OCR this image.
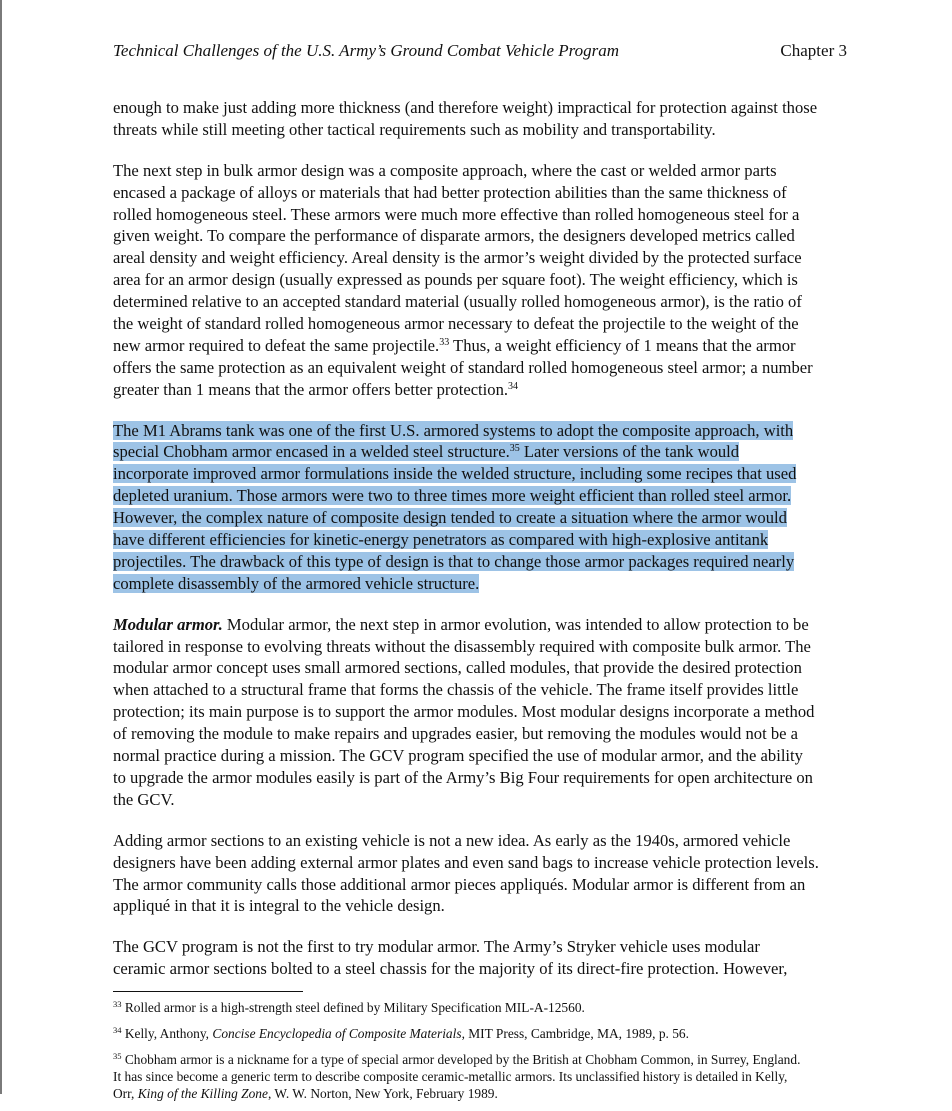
Technical Challenges of the U.S. Army’s Ground Combat Vehicle Program	Chapter 3

enough to make just adding more thickness (and therefore weight) impractical for protection against those
threats while still meeting other tactical requirements such as mobility and transportability.

The next step in bulk armor design was a composite approach, where the cast or welded armor parts
encased a package of alloys or materials that had better protection abilities than the same thickness of
rolled homogeneous steel. These armors were much more effective than rolled homogeneous steel for a
given weight. To compare the performance of disparate armors, the designers developed metrics called
areal density and weight efficiency. Areal density is the armor’s weight divided by the protected surface
area for an armor design (usually expressed as pounds per square foot). The weight efficiency, which is
determined relative to an accepted standard material (usually rolled homogeneous armor), is the ratio of
the weight of standard rolled homogeneous armor necessary to defeat the projectile to the weight of the
new armor required to defeat the same projectile.$^{33}$ Thus, a weight efficiency of 1 means that the armor
offers the same protection as an equivalent weight of standard rolled homogeneous steel armor; a number
greater than 1 means that the armor offers better protection.$^{34}$

The M1 Abrams tank was one of the first U.S. armored systems to adopt the composite approach, with
special Chobham armor encased in a welded steel structure.$^{35}$ Later versions of the tank would
incorporate improved armor formulations inside the welded structure, including some recipes that used
depleted uranium. Those armors were two to three times more weight efficient than rolled steel armor.
However, the complex nature of composite design tended to create a situation where the armor would
have different efficiencies for kinetic-energy penetrators as compared with high-explosive antitank
projectiles. The drawback of this type of design is that to change those armor packages required nearly
complete disassembly of the armored vehicle structure.

Modular armor. Modular armor, the next step in armor evolution, was intended to allow protection to be
tailored in response to evolving threats without the disassembly required with composite bulk armor. The
modular armor concept uses small armored sections, called modules, that provide the desired protection
when attached to a structural frame that forms the chassis of the vehicle. The frame itself provides little
protection; its main purpose is to support the armor modules. Most modular designs incorporate a method
of removing the module to make repairs and upgrades easier, but removing the modules would not be a
normal practice during a mission. The GCV program specified the use of modular armor, and the ability
to upgrade the armor modules easily is part of the Army’s Big Four requirements for open architecture on
the GCV.

Adding armor sections to an existing vehicle is not a new idea. As early as the 1940s, armored vehicle
designers have been adding external armor plates and even sand bags to increase vehicle protection levels.
The armor community calls those additional armor pieces appliqués. Modular armor is different from an
appliqué in that it is integral to the vehicle design.

The GCV program is not the first to try modular armor. The Army’s Stryker vehicle uses modular
ceramic armor sections bolted to a steel chassis for the majority of its direct-fire protection. However,

$^{33}$ Rolled armor is a high-strength steel defined by Military Specification MIL-A-12560.

$^{34}$ Kelly, Anthony, Concise Encyclopedia of Composite Materials, MIT Press, Cambridge, MA, 1989, p. 56.

$^{35}$ Chobham armor is a nickname for a type of special armor developed by the British at Chobham Common, in Surrey, England.
It has since become a generic term to describe composite ceramic-metallic armors. Its unclassified history is detailed in Kelly,
Orr, King of the Killing Zone, W. W. Norton, New York, February 1989.
